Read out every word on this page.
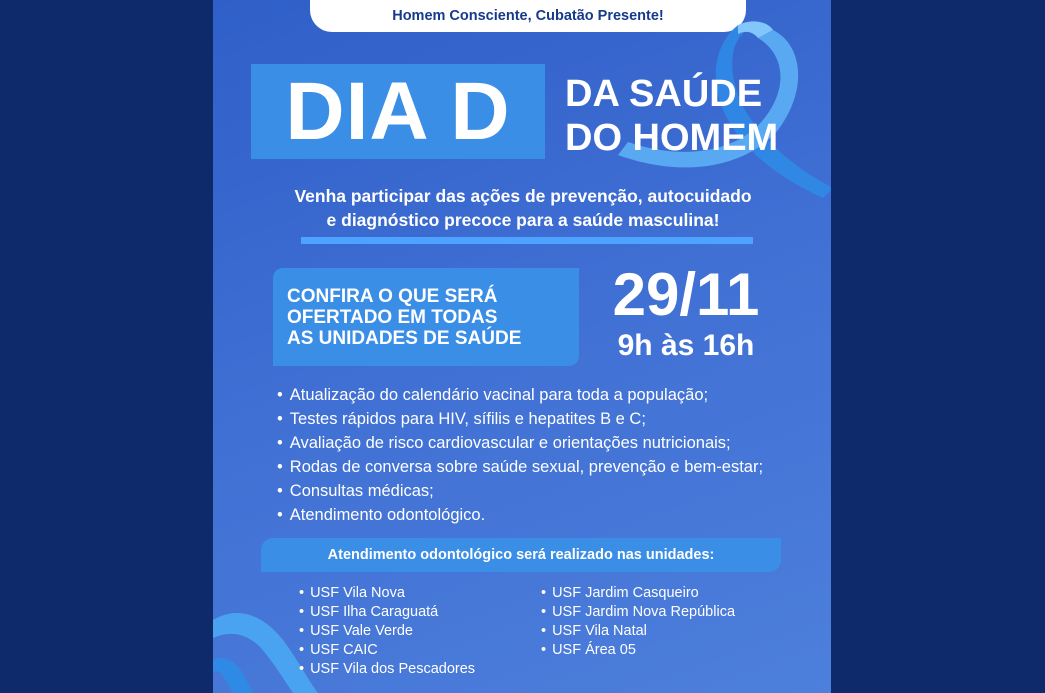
Homem Consciente, Cubatão Presente!
DIA D	DA SAÚDE
DO HOMEM
Venha participar das ações de prevenção, autocuidado
e diagnóstico precoce para a saúde masculina!
CONFIRA O QUE SERÁ
OFERTADO EM TODAS
AS UNIDADES DE SAÚDE
29/11
9h às 16h
• Atualização do calendário vacinal para toda a população;
• Testes rápidos para HIV, sífilis e hepatites B e C;
• Avaliação de risco cardiovascular e orientações nutricionais;
• Rodas de conversa sobre saúde sexual, prevenção e bem-estar;
• Consultas médicas;
• Atendimento odontológico.
Atendimento odontológico será realizado nas unidades:
• USF Vila Nova
• USF Ilha Caraguatá
• USF Vale Verde
• USF CAIC
• USF Vila dos Pescadores
• USF Jardim Casqueiro
• USF Jardim Nova República
• USF Vila Natal
• USF Área 05
